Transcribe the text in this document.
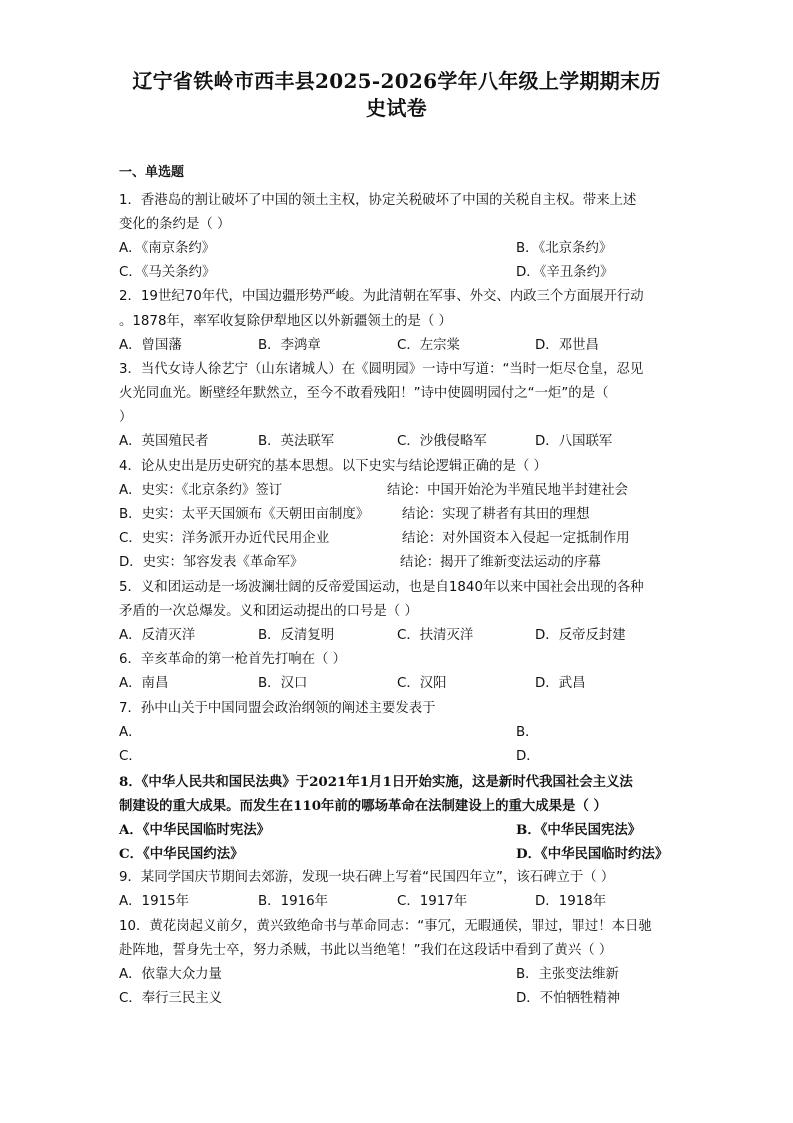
辽宁省铁岭市西丰县2025-2026学年八年级上学期期末历
史试卷
一、单选题
1．香港岛的割让破坏了中国的领土主权，协定关税破坏了中国的关税自主权。带来上述
变化的条约是（ ）
A．《南京条约》	B．《北京条约》
C．《马关条约》	D．《辛丑条约》
2．19世纪70年代，中国边疆形势严峻。为此清朝在军事、外交、内政三个方面展开行动
。1878年，率军收复除伊犁地区以外新疆领土的是（ ）
A．曾国藩	B．李鸿章	C．左宗棠	D．邓世昌
3．当代女诗人徐艺宁（山东诸城人）在《圆明园》一诗中写道：“当时一炬尽仓皇，忍见
火光同血光。断壁经年默然立，至今不敢看残阳！”诗中使圆明园付之“一炬”的是（
）
A．英国殖民者	B．英法联军	C．沙俄侵略军	D．八国联军
4．论从史出是历史研究的基本思想。以下史实与结论逻辑正确的是（ ）
A．史实：《北京条约》签订	结论：中国开始沦为半殖民地半封建社会
B．史实：太平天国颁布《天朝田亩制度》 结论：实现了耕者有其田的理想
C．史实：洋务派开办近代民用企业	结论：对外国资本入侵起一定抵制作用
D．史实：邹容发表《革命军》	结论：揭开了维新变法运动的序幕
5．义和团运动是一场波澜壮阔的反帝爱国运动，也是自1840年以来中国社会出现的各种
矛盾的一次总爆发。义和团运动提出的口号是（ ）
A．反清灭洋	B．反清复明	C．扶清灭洋	D．反帝反封建
6．辛亥革命的第一枪首先打响在（ ）
A．南昌	B．汉口	C．汉阳	D．武昌
7．孙中山关于中国同盟会政治纲领的阐述主要发表于
A．	B．
C．	D．
8．《中华人民共和国民法典》于2021年1月1日开始实施，这是新时代我国社会主义法
制建设的重大成果。而发生在110年前的哪场革命在法制建设上的重大成果是（ ）
A．《中华民国临时宪法》	B．《中华民国宪法》
C．《中华民国约法》	D．《中华民国临时约法》
9．某同学国庆节期间去郊游，发现一块石碑上写着“民国四年立”，该石碑立于（ ）
A．1915年	B．1916年	C．1917年	D．1918年
10．黄花岗起义前夕，黄兴致绝命书与革命同志：“事冗，无暇通侯，罪过，罪过！本日驰
赴阵地，誓身先士卒，努力杀贼，书此以当绝笔！”我们在这段话中看到了黄兴（ ）
A．依靠大众力量	B．主张变法维新
C．奉行三民主义	D．不怕牺牲精神
